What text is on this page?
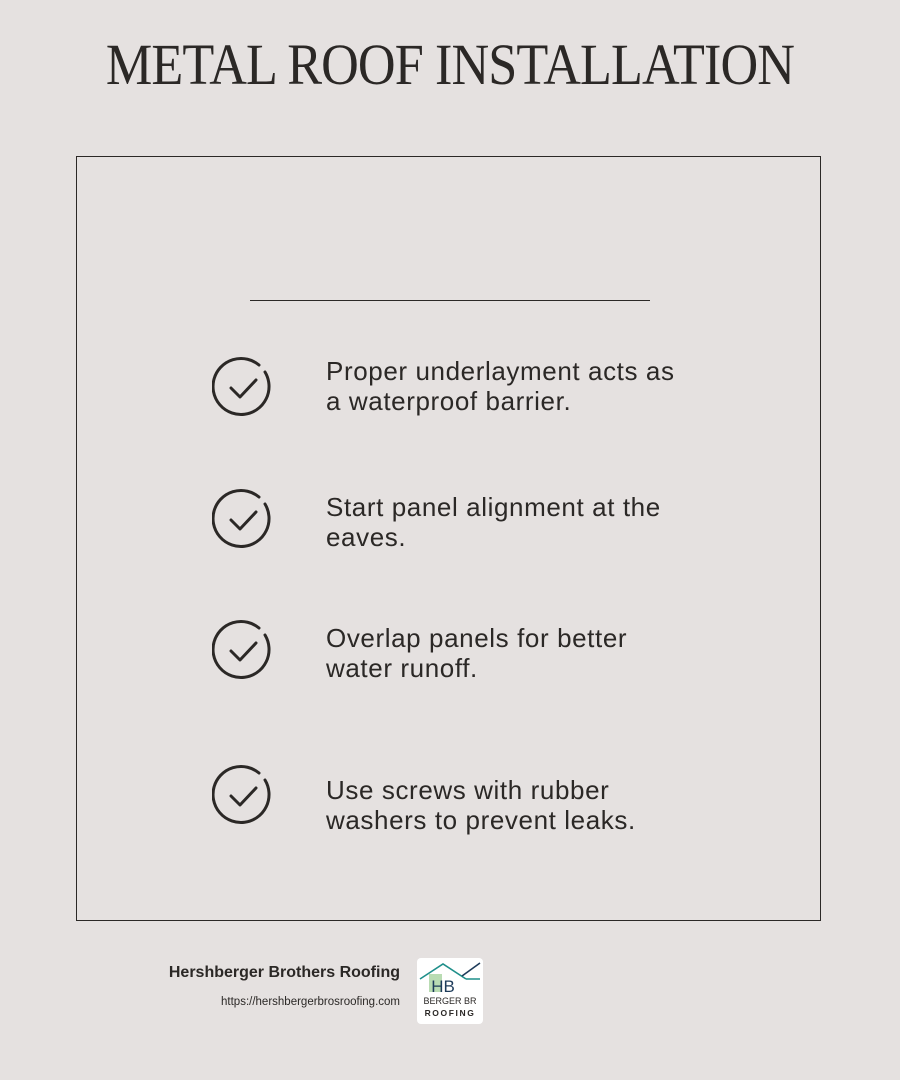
METAL ROOF INSTALLATION
Proper underlayment acts as
a waterproof barrier.
Start panel alignment at the
eaves.
Overlap panels for better
water runoff.
Use screws with rubber
washers to prevent leaks.
Hershberger Brothers Roofing
https://hershbergerbrosroofing.com
HB
BERGER BR
ROOFING
